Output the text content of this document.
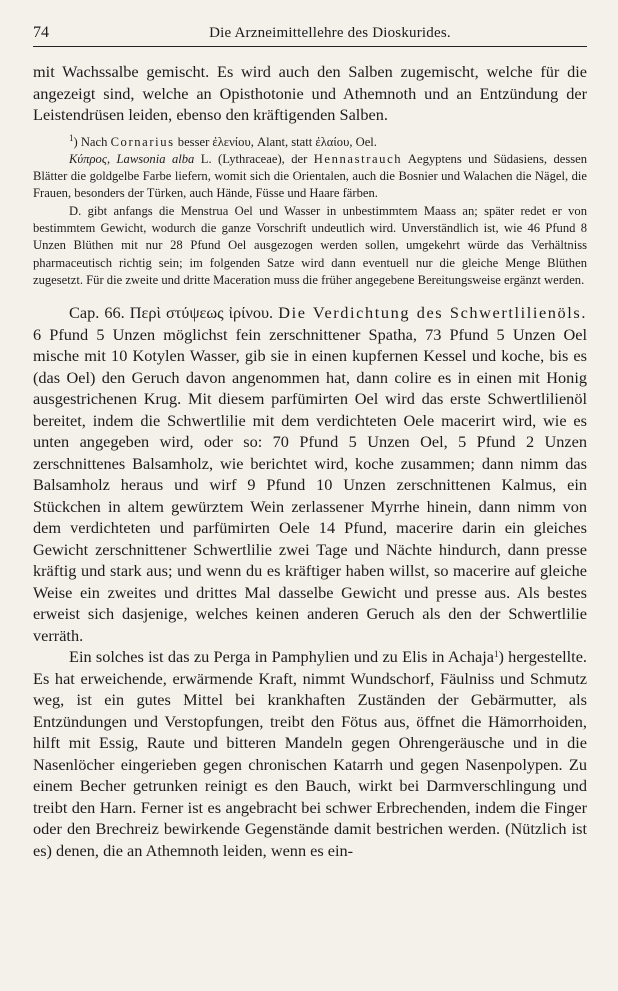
74	Die Arzneimittellehre des Dioskurides.

mit Wachssalbe gemischt. Es wird auch den Salben zugemischt, welche für die angezeigt sind, welche an Opisthotonie und Athemnoth und an Entzündung der Leistendrüsen leiden, ebenso den kräftigenden Salben.

$^1$) Nach Cornarius besser ἐλενίου, Alant, statt ἐλαίου, Oel.

Κύπρος, Lawsonia alba L. (Lythraceae), der Hennastrauch Aegyptens und Südasiens, dessen Blätter die goldgelbe Farbe liefern, womit sich die Orientalen, auch die Bosnier und Walachen die Nägel, die Frauen, besonders der Türken, auch Hände, Füsse und Haare färben.

D. gibt anfangs die Menstrua Oel und Wasser in unbestimmtem Maass an; später redet er von bestimmtem Gewicht, wodurch die ganze Vorschrift undeutlich wird. Unverständlich ist, wie 46 Pfund 8 Unzen Blüthen mit nur 28 Pfund Oel ausgezogen werden sollen, umgekehrt würde das Verhältniss pharmaceutisch richtig sein; im folgenden Satze wird dann eventuell nur die gleiche Menge Blüthen zugesetzt. Für die zweite und dritte Maceration muss die früher angegebene Bereitungsweise ergänzt werden.

Cap. 66. Περὶ στύψεως ἰρίνου. Die Verdichtung des Schwertlilienöls. 6 Pfund 5 Unzen möglichst fein zerschnittener Spatha, 73 Pfund 5 Unzen Oel mische mit 10 Kotylen Wasser, gib sie in einen kupfernen Kessel und koche, bis es (das Oel) den Geruch davon angenommen hat, dann colire es in einen mit Honig ausgestrichenen Krug. Mit diesem parfümirten Oel wird das erste Schwertlilienöl bereitet, indem die Schwertlilie mit dem verdichteten Oele macerirt wird, wie es unten angegeben wird, oder so: 70 Pfund 5 Unzen Oel, 5 Pfund 2 Unzen zerschnittenes Balsamholz, wie berichtet wird, koche zusammen; dann nimm das Balsamholz heraus und wirf 9 Pfund 10 Unzen zerschnittenen Kalmus, ein Stückchen in altem gewürztem Wein zerlassener Myrrhe hinein, dann nimm von dem verdichteten und parfümirten Oele 14 Pfund, macerire darin ein gleiches Gewicht zerschnittener Schwertlilie zwei Tage und Nächte hindurch, dann presse kräftig und stark aus; und wenn du es kräftiger haben willst, so macerire auf gleiche Weise ein zweites und drittes Mal dasselbe Gewicht und presse aus. Als bestes erweist sich dasjenige, welches keinen anderen Geruch als den der Schwertlilie verräth.

Ein solches ist das zu Perga in Pamphylien und zu Elis in Achaja$^1$) hergestellte. Es hat erweichende, erwärmende Kraft, nimmt Wundschorf, Fäulniss und Schmutz weg, ist ein gutes Mittel bei krankhaften Zuständen der Gebärmutter, als Entzündungen und Verstopfungen, treibt den Fötus aus, öffnet die Hämorrhoiden, hilft mit Essig, Raute und bitteren Mandeln gegen Ohrengeräusche und in die Nasenlöcher eingerieben gegen chronischen Katarrh und gegen Nasenpolypen. Zu einem Becher getrunken reinigt es den Bauch, wirkt bei Darmverschlingung und treibt den Harn. Ferner ist es angebracht bei schwer Erbrechenden, indem die Finger oder den Brechreiz bewirkende Gegenstände damit bestrichen werden. (Nützlich ist es) denen, die an Athemnoth leiden, wenn es ein-
